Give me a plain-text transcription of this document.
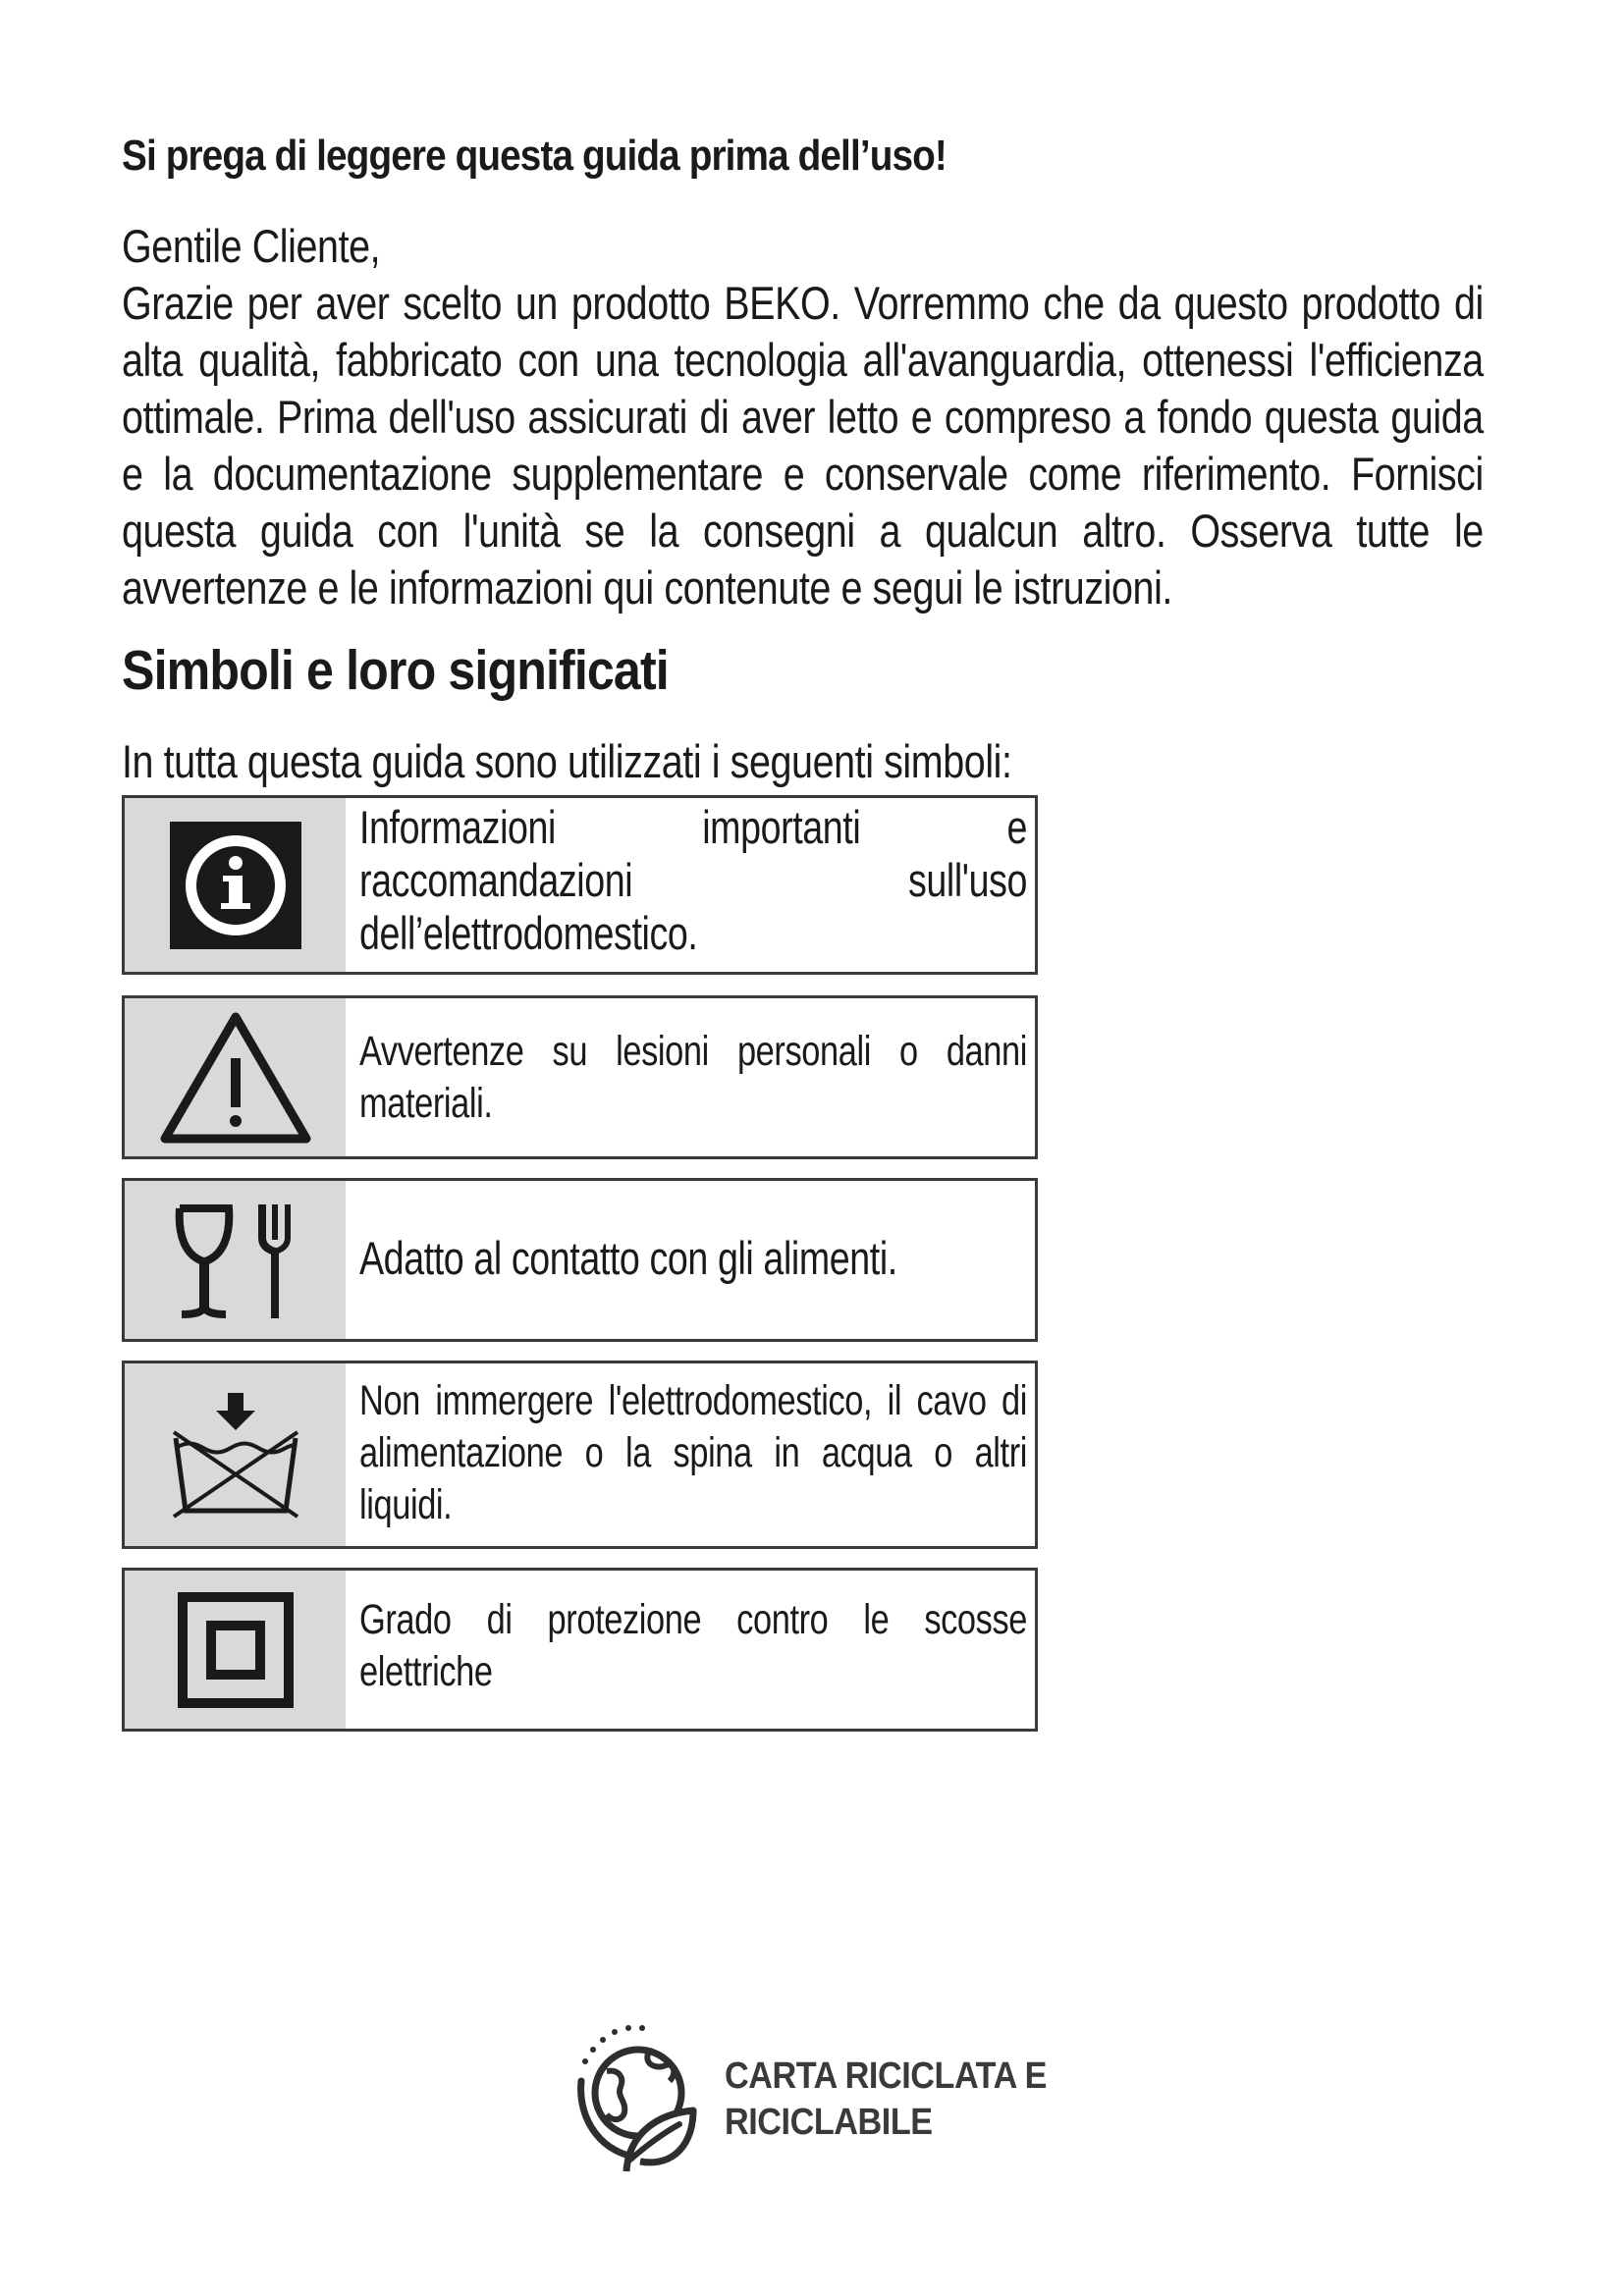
Si prega di leggere questa guida prima dell’uso!

Gentile Cliente,

Grazie per aver scelto un prodotto BEKO. Vorremmo che da questo prodotto di alta qualità, fabbricato con una tecnologia all'avanguardia, ottenessi l'efficienza ottimale. Prima dell'uso assicurati di aver letto e compreso a fondo questa guida e la documentazione supplementare e conservale come riferimento. Fornisci questa guida con l'unità se la consegni a qualcun altro. Osserva tutte le avvertenze e le informazioni qui contenute e segui le istruzioni.

Simboli e loro significati

In tutta questa guida sono utilizzati i seguenti simboli:

Informazioni importanti e raccomandazioni sull'uso dell’elettrodomestico.
Avvertenze su lesioni personali o danni materiali.
Adatto al contatto con gli alimenti.
Non immergere l'elettrodomestico, il cavo di alimentazione o la spina in acqua o altri liquidi.
Grado di protezione contro le scosse elettriche
CARTA RICICLATA E
RICICLABILE
